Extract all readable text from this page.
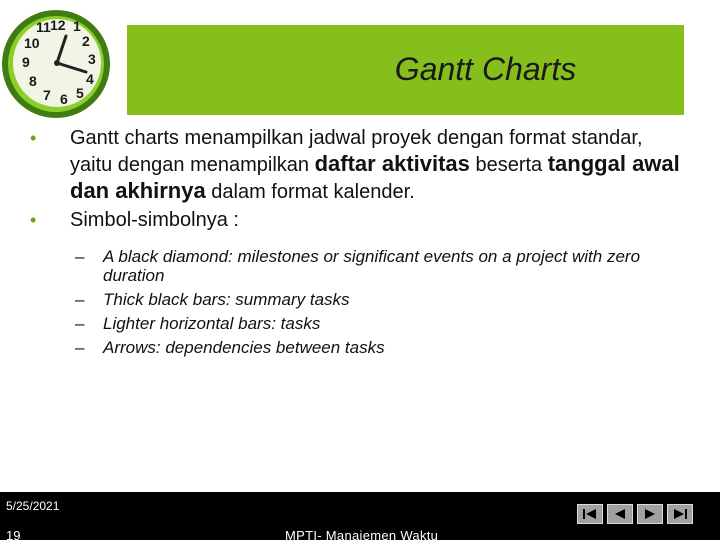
Gantt Charts
12 1
2
3
4
5
6
7
8
9
10
11
• Gantt charts menampilkan jadwal proyek dengan format standar, yaitu dengan menampilkan daftar aktivitas beserta tanggal awal dan akhirnya dalam format kalender.
• Simbol-simbolnya :
– A black diamond: milestones or significant events on a project with zero duration
– Thick black bars: summary tasks
– Lighter horizontal bars: tasks
– Arrows: dependencies between tasks
5/25/2021
19	MPTI- Manajemen Waktu
